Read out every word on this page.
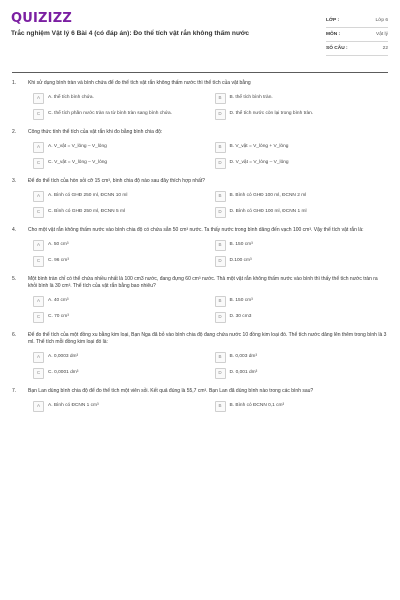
QUIZIZZ
Trắc nghiệm Vật lý 6 Bài 4 (có đáp án): Đo thể tích vật rắn không thấm nước
LỚP :	Lớp 6
MÔN :	Vật lý
SỐ CÂU :	22
1.	Khi sử dụng bình tràn và bình chứa để đo thể tích vật rắn không thấm nước thì thể tích của vật bằng
A	A. thể tích bình chứa.	B	B. thể tích bình tràn.
C	C. thể tích phần nước tràn ra từ bình tràn sang bình chứa.	D	D. thể tích nước còn lại trong bình tràn.
2.	Công thức tính thể tích của vật rắn khi đo bằng bình chia độ:
A	A. V_vật = V_lỏng – V_lỏng	B	B. V_vật = V_lỏng + V_lỏng
C	C. V_vật = V_lỏng – V_lỏng	D	D. V_vật = V_lỏng – V_lỏng
3.	Để đo thể tích của hòn sỏi cỡ 15 cm³, bình chia độ nào sau đây thích hợp nhất?
A	A. Bình có GHĐ 250 ml, ĐCNN 10 ml	B	B. Bình có GHĐ 100 ml, ĐCNN 2 ml
C	C. Bình có GHĐ 250 ml, ĐCNN 5 ml	D	D. Bình có GHĐ 100 ml, ĐCNN 1 ml
4.	Cho một vật rắn không thấm nước vào bình chia độ có chứa sẵn 50 cm³ nước. Ta thấy nước trong bình dâng đến vạch 100 cm³. Vậy thể tích vật rắn là:
A	A. 50 cm³	B	B. 150 cm³
C	C. 96 cm³	D	D.100 cm³
5.	Một bình tràn chỉ có thể chứa nhiều nhất là 100 cm3 nước, đang đựng 60 cm³ nước. Thả một vật rắn không thấm nước vào bình thì thấy thể tích nước tràn ra khỏi bình là 30 cm³. Thể tích của vật rắn bằng bao nhiêu?
A	A. 40 cm³	B	B. 150 cm³
C	C. 70 cm³	D	D. 30 cm3
6.	Để đo thể tích của một đồng xu bằng kim loại, Bạn Nga đã bỏ vào bình chia độ đang chứa nước 10 đồng kim loại đó. Thể tích nước dâng lên thêm trong bình là 3 ml. Thể tích mỗi đồng kim loại đó là:
A	A. 0,0003 dm³	B	B. 0,003 dm³
C	C. 0,0001 dm³	D	D. 0,001 dm³
7.	Bạn Lan dùng bình chia độ để đo thể tích một viên sỏi. Kết quả đúng là 55,7 cm³. Bạn Lan đã dùng bình nào trong các bình sau?
A	A. Bình có ĐCNN 1 cm³	B	B. Bình có ĐCNN 0,1 cm³
